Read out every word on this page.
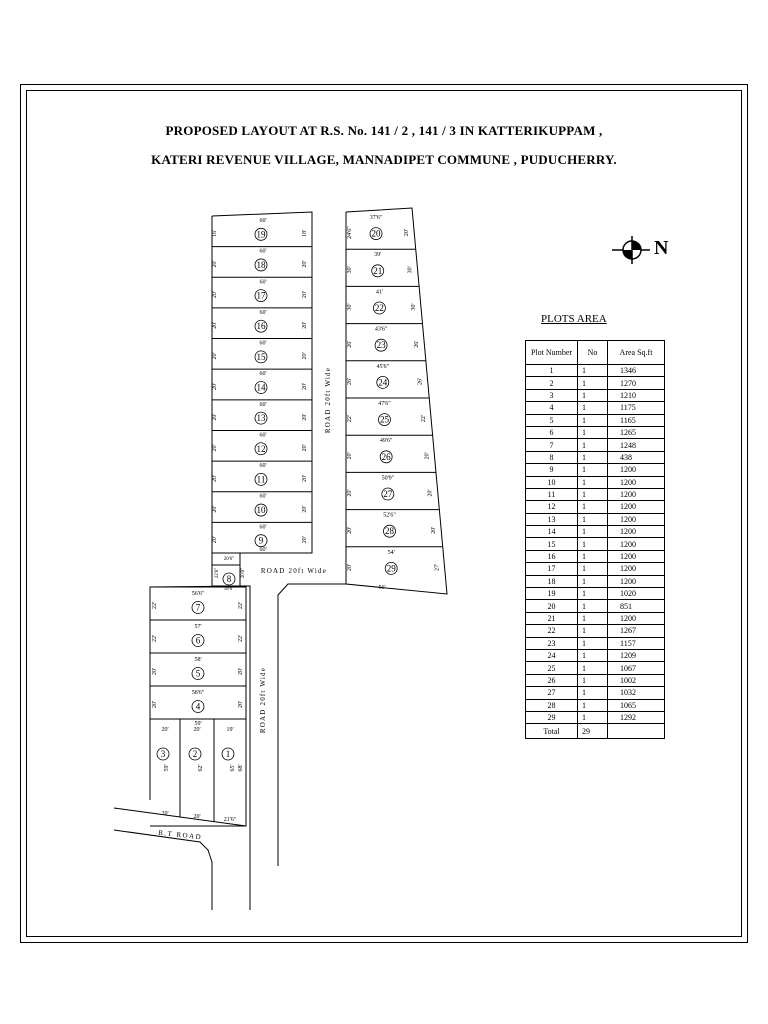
PROPOSED LAYOUT AT R.S. No. 141 / 2 , 141 / 3 IN KATTERIKUPPAM ,
KATERI REVENUE VILLAGE, MANNADIPET COMMUNE , PUDUCHERRY.
60'
16'	18'
19
60'
20'	20'
18
60'
20'	20'
17
60'
20'	20'
16
60'
20'	20'
15
60'
20'	20'
14
60'
20'	20'
13
60'
20'	20'
12
60'
20'	20'
11
60'
20'	20'
10
60'
20'	20'
9
60'
37'6"
24'6"	20'
20
39'
30'	30'
21
41'
30'	30'
22
43'6"
26'	26'
23
45'6"
26'	26'
24
47'6"
22'	22'
25
49'6"
20'	20'
26
50'9"
20'	20'
27
52'6"
20'	20'
28
54'
20'	27'
29
56'
20'6"
18'6"
22'6"	20'6"
8
56'6"
22'	22'
7
57'
22'	22'
6
58'
20'	20'
5
58'6"
20'	20'
4
59'
20'
59'
20'
3
20'
62'
20'
2
19'
65'
21'6"
1
68'
ROAD 20ft Wide
ROAD 20ft Wide
ROAD 20ft Wide
B.T ROAD
N
PLOTS AREA
Plot Number	No	Area Sq.ft
1	1	1346
2	1	1270
3	1	1210
4	1	1175
5	1	1165
6	1	1265
7	1	1248
8	1	438
9	1	1200
10	1	1200
11	1	1200
12	1	1200
13	1	1200
14	1	1200
15	1	1200
16	1	1200
17	1	1200
18	1	1200
19	1	1020
20	1	851
21	1	1200
22	1	1267
23	1	1157
24	1	1209
25	1	1067
26	1	1002
27	1	1032
28	1	1065
29	1	1292
Total	29	
